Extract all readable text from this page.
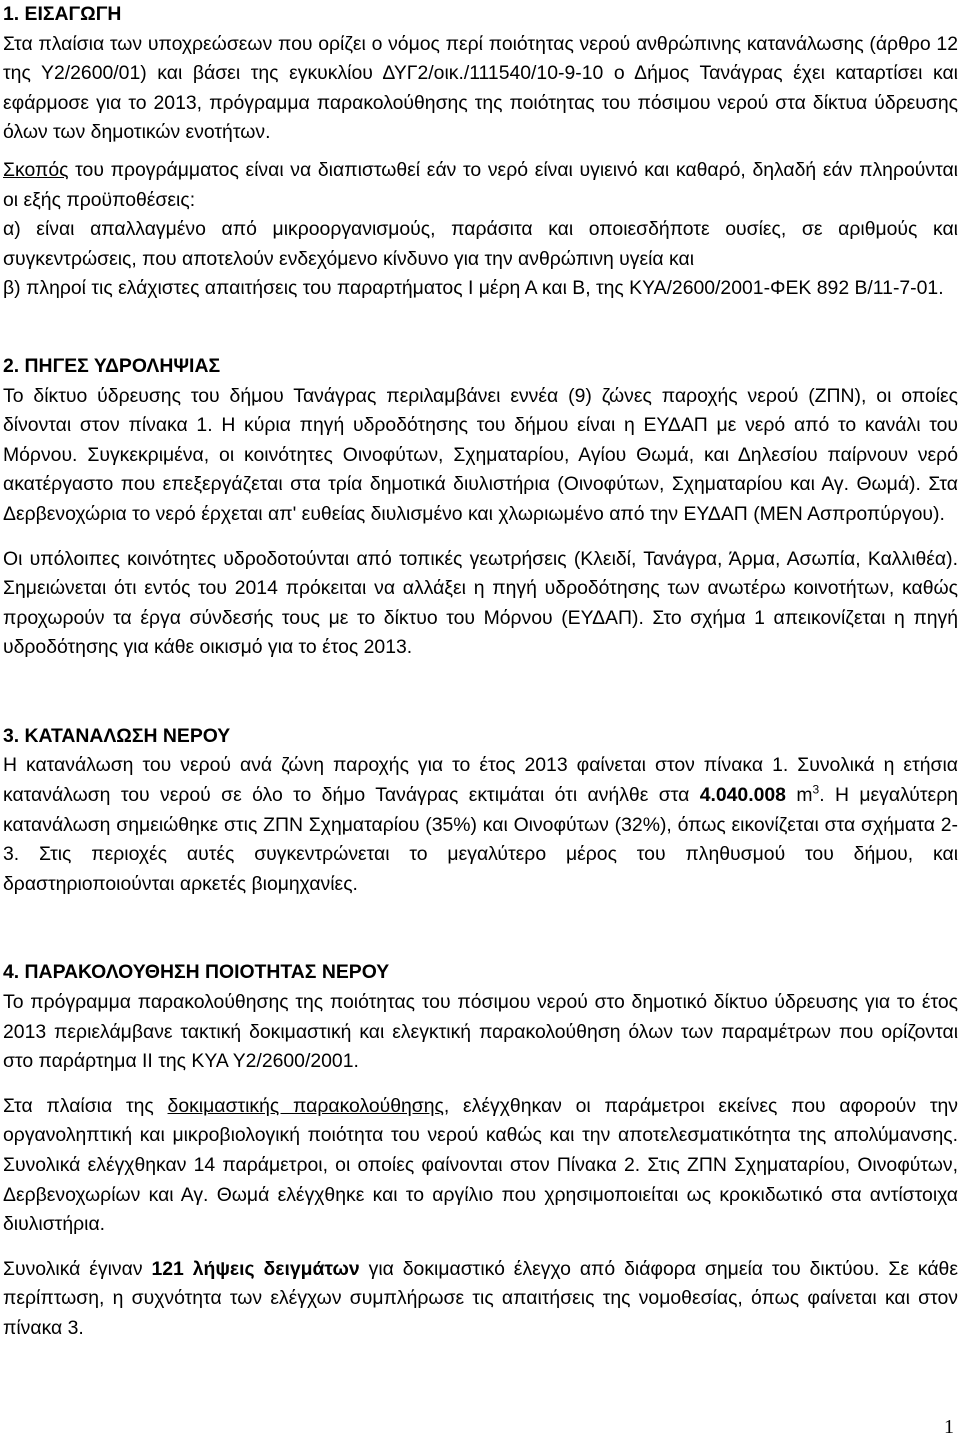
1. ΕΙΣΑΓΩΓΗ

Στα πλαίσια των υποχρεώσεων που ορίζει ο νόμος περί ποιότητας νερού ανθρώπινης κατανάλωσης (άρθρο 12 της Υ2/2600/01) και βάσει της εγκυκλίου ΔΥΓ2/οικ./111540/10-9-10 ο Δήμος Τανάγρας έχει καταρτίσει και εφάρμοσε για το 2013, πρόγραμμα παρακολούθησης της ποιότητας του πόσιμου νερού στα δίκτυα ύδρευσης όλων των δημοτικών ενοτήτων.

Σκοπός του προγράμματος είναι να διαπιστωθεί εάν το νερό είναι υγιεινό και καθαρό, δηλαδή εάν πληρούνται οι εξής προϋποθέσεις:

α) είναι απαλλαγμένο από μικροοργανισμούς, παράσιτα και οποιεσδήποτε ουσίες, σε αριθμούς και συγκεντρώσεις, που αποτελούν ενδεχόμενο κίνδυνο για την ανθρώπινη υγεία και

β) πληροί τις ελάχιστες απαιτήσεις του παραρτήματος Ι μέρη Α και Β, της ΚΥΑ/2600/2001-ΦΕΚ 892 Β/11-7-01.

2. ΠΗΓΕΣ ΥΔΡΟΛΗΨΙΑΣ

Το δίκτυο ύδρευσης του δήμου Τανάγρας περιλαμβάνει εννέα (9) ζώνες παροχής νερού (ΖΠΝ), οι οποίες δίνονται στον πίνακα 1. Η κύρια πηγή υδροδότησης του δήμου είναι η ΕΥΔΑΠ με νερό από το κανάλι του Μόρνου. Συγκεκριμένα, οι κοινότητες Οινοφύτων, Σχηματαρίου, Αγίου Θωμά, και Δηλεσίου παίρνουν νερό ακατέργαστο που επεξεργάζεται στα τρία δημοτικά διυλιστήρια (Οινοφύτων, Σχηματαρίου και Αγ. Θωμά). Στα Δερβενοχώρια το νερό έρχεται απ' ευθείας διυλισμένο και χλωριωμένο από την ΕΥΔΑΠ (ΜΕΝ Ασπροπύργου).

Οι υπόλοιπες κοινότητες υδροδοτούνται από τοπικές γεωτρήσεις (Κλειδί, Τανάγρα, Άρμα, Ασωπία, Καλλιθέα). Σημειώνεται ότι εντός του 2014 πρόκειται να αλλάξει η πηγή υδροδότησης των ανωτέρω κοινοτήτων, καθώς προχωρούν τα έργα σύνδεσής τους με το δίκτυο του Μόρνου (ΕΥΔΑΠ). Στο σχήμα 1 απεικονίζεται η πηγή υδροδότησης για κάθε οικισμό για το έτος 2013.

3. ΚΑΤΑΝΑΛΩΣΗ ΝΕΡΟΥ

Η κατανάλωση του νερού ανά ζώνη παροχής για το έτος 2013 φαίνεται στον πίνακα 1. Συνολικά η ετήσια κατανάλωση του νερού σε όλο το δήμο Τανάγρας εκτιμάται ότι ανήλθε στα 4.040.008 $m^3$. Η μεγαλύτερη κατανάλωση σημειώθηκε στις ΖΠΝ Σχηματαρίου (35%) και Οινοφύτων (32%), όπως εικονίζεται στα σχήματα 2-3. Στις περιοχές αυτές συγκεντρώνεται το μεγαλύτερο μέρος του πληθυσμού του δήμου, και δραστηριοποιούνται αρκετές βιομηχανίες.

4. ΠΑΡΑΚΟΛΟΥΘΗΣΗ ΠΟΙΟΤΗΤΑΣ ΝΕΡΟΥ

Το πρόγραμμα παρακολούθησης της ποιότητας του πόσιμου νερού στο δημοτικό δίκτυο ύδρευσης για το έτος 2013 περιελάμβανε τακτική δοκιμαστική και ελεγκτική παρακολούθηση όλων των παραμέτρων που ορίζονται στο παράρτημα ΙΙ της ΚΥΑ Υ2/2600/2001.

Στα πλαίσια της δοκιμαστικής παρακολούθησης, ελέγχθηκαν οι παράμετροι εκείνες που αφορούν την οργανοληπτική και μικροβιολογική ποιότητα του νερού καθώς και την αποτελεσματικότητα της απολύμανσης. Συνολικά ελέγχθηκαν 14 παράμετροι, οι οποίες φαίνονται στον Πίνακα 2. Στις ΖΠΝ Σχηματαρίου, Οινοφύτων, Δερβενοχωρίων και Αγ. Θωμά ελέγχθηκε και το αργίλιο που χρησιμοποιείται ως κροκιδωτικό στα αντίστοιχα διυλιστήρια.

Συνολικά έγιναν 121 λήψεις δειγμάτων για δοκιμαστικό έλεγχο από διάφορα σημεία του δικτύου. Σε κάθε περίπτωση, η συχνότητα των ελέγχων συμπλήρωσε τις απαιτήσεις της νομοθεσίας, όπως φαίνεται και στον πίνακα 3.

1
